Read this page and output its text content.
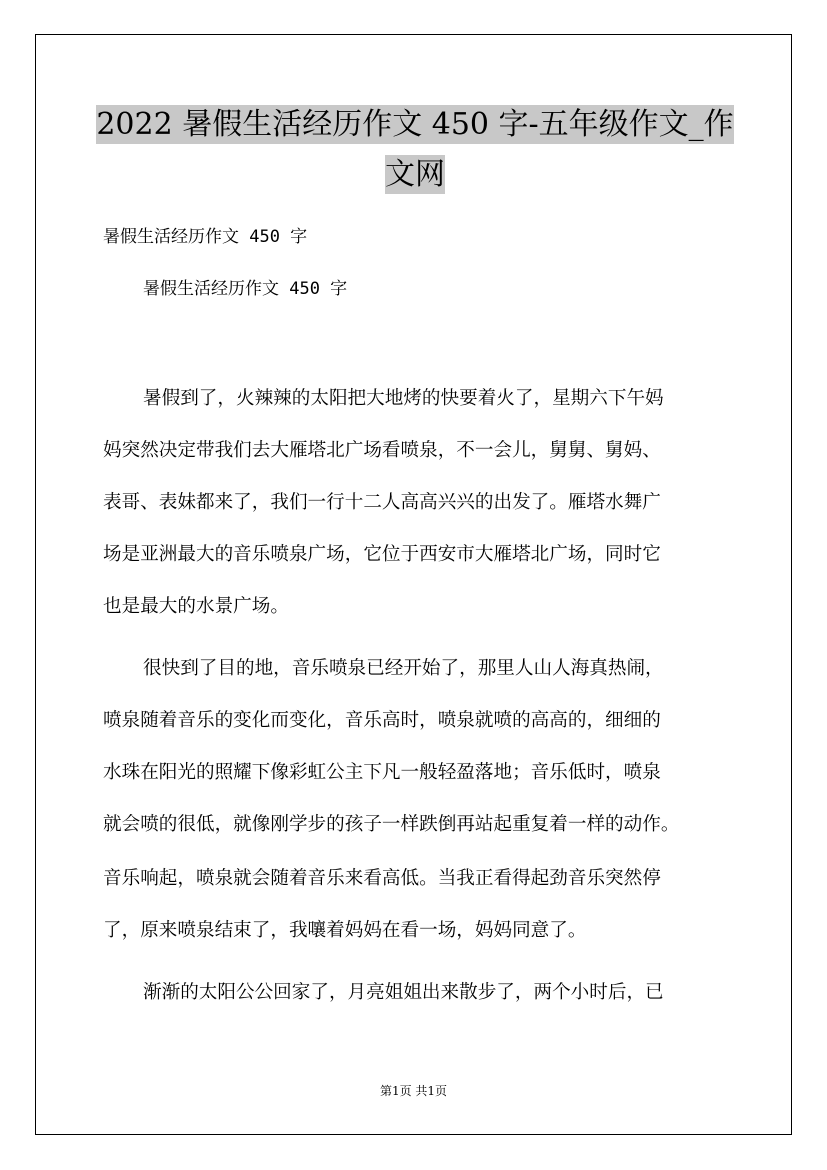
2022 暑假生活经历作文 450 字-五年级作文_作
文网
暑假生活经历作文 450 字
暑假生活经历作文 450 字
暑假到了，火辣辣的太阳把大地烤的快要着火了，星期六下午妈
妈突然决定带我们去大雁塔北广场看喷泉，不一会儿，舅舅、舅妈、
表哥、表妹都来了，我们一行十二人高高兴兴的出发了。雁塔水舞广
场是亚洲最大的音乐喷泉广场，它位于西安市大雁塔北广场，同时它
也是最大的水景广场。
很快到了目的地，音乐喷泉已经开始了，那里人山人海真热闹，
喷泉随着音乐的变化而变化，音乐高时，喷泉就喷的高高的，细细的
水珠在阳光的照耀下像彩虹公主下凡一般轻盈落地；音乐低时，喷泉
就会喷的很低，就像刚学步的孩子一样跌倒再站起重复着一样的动作。
音乐响起，喷泉就会随着音乐来看高低。当我正看得起劲音乐突然停
了，原来喷泉结束了，我嚷着妈妈在看一场，妈妈同意了。
渐渐的太阳公公回家了，月亮姐姐出来散步了，两个小时后，已
第1页 共1页
